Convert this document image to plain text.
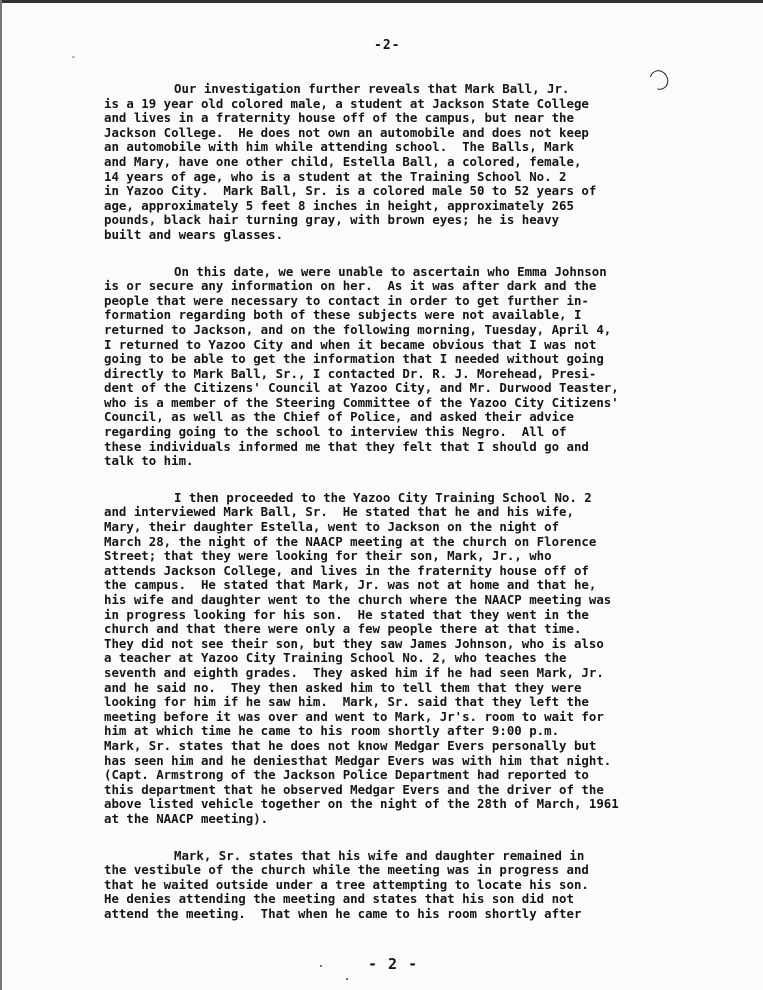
-2-
-
Our investigation further reveals that Mark Ball, Jr.
is a 19 year old colored male, a student at Jackson State College
and lives in a fraternity house off of the campus, but near the
Jackson College.  He does not own an automobile and does not keep
an automobile with him while attending school.  The Balls, Mark
and Mary, have one other child, Estella Ball, a colored, female,
14 years of age, who is a student at the Training School No. 2
in Yazoo City.  Mark Ball, Sr. is a colored male 50 to 52 years of
age, approximately 5 feet 8 inches in height, approximately 265
pounds, black hair turning gray, with brown eyes; he is heavy
built and wears glasses.
On this date, we were unable to ascertain who Emma Johnson
is or secure any information on her.  As it was after dark and the
people that were necessary to contact in order to get further in-
formation regarding both of these subjects were not available, I
returned to Jackson, and on the following morning, Tuesday, April 4,
I returned to Yazoo City and when it became obvious that I was not
going to be able to get the information that I needed without going
directly to Mark Ball, Sr., I contacted Dr. R. J. Morehead, Presi-
dent of the Citizens' Council at Yazoo City, and Mr. Durwood Teaster,
who is a member of the Steering Committee of the Yazoo City Citizens'
Council, as well as the Chief of Police, and asked their advice
regarding going to the school to interview this Negro.  All of
these individuals informed me that they felt that I should go and
talk to him.
I then proceeded to the Yazoo City Training School No. 2
and interviewed Mark Ball, Sr.  He stated that he and his wife,
Mary, their daughter Estella, went to Jackson on the night of
March 28, the night of the NAACP meeting at the church on Florence
Street; that they were looking for their son, Mark, Jr., who
attends Jackson College, and lives in the fraternity house off of
the campus.  He stated that Mark, Jr. was not at home and that he,
his wife and daughter went to the church where the NAACP meeting was
in progress looking for his son.  He stated that they went in the
church and that there were only a few people there at that time.
They did not see their son, but they saw James Johnson, who is also
a teacher at Yazoo City Training School No. 2, who teaches the
seventh and eighth grades.  They asked him if he had seen Mark, Jr.
and he said no.  They then asked him to tell them that they were
looking for him if he saw him.  Mark, Sr. said that they left the
meeting before it was over and went to Mark, Jr's. room to wait for
him at which time he came to his room shortly after 9:00 p.m.
Mark, Sr. states that he does not know Medgar Evers personally but
has seen him and he deniesthat Medgar Evers was with him that night.
(Capt. Armstrong of the Jackson Police Department had reported to
this department that he observed Medgar Evers and the driver of the
above listed vehicle together on the night of the 28th of March, 1961
at the NAACP meeting).
Mark, Sr. states that his wife and daughter remained in
the vestibule of the church while the meeting was in progress and
that he waited outside under a tree attempting to locate his son.
He denies attending the meeting and states that his son did not
attend the meeting.  That when he came to his room shortly after
- 2 -
